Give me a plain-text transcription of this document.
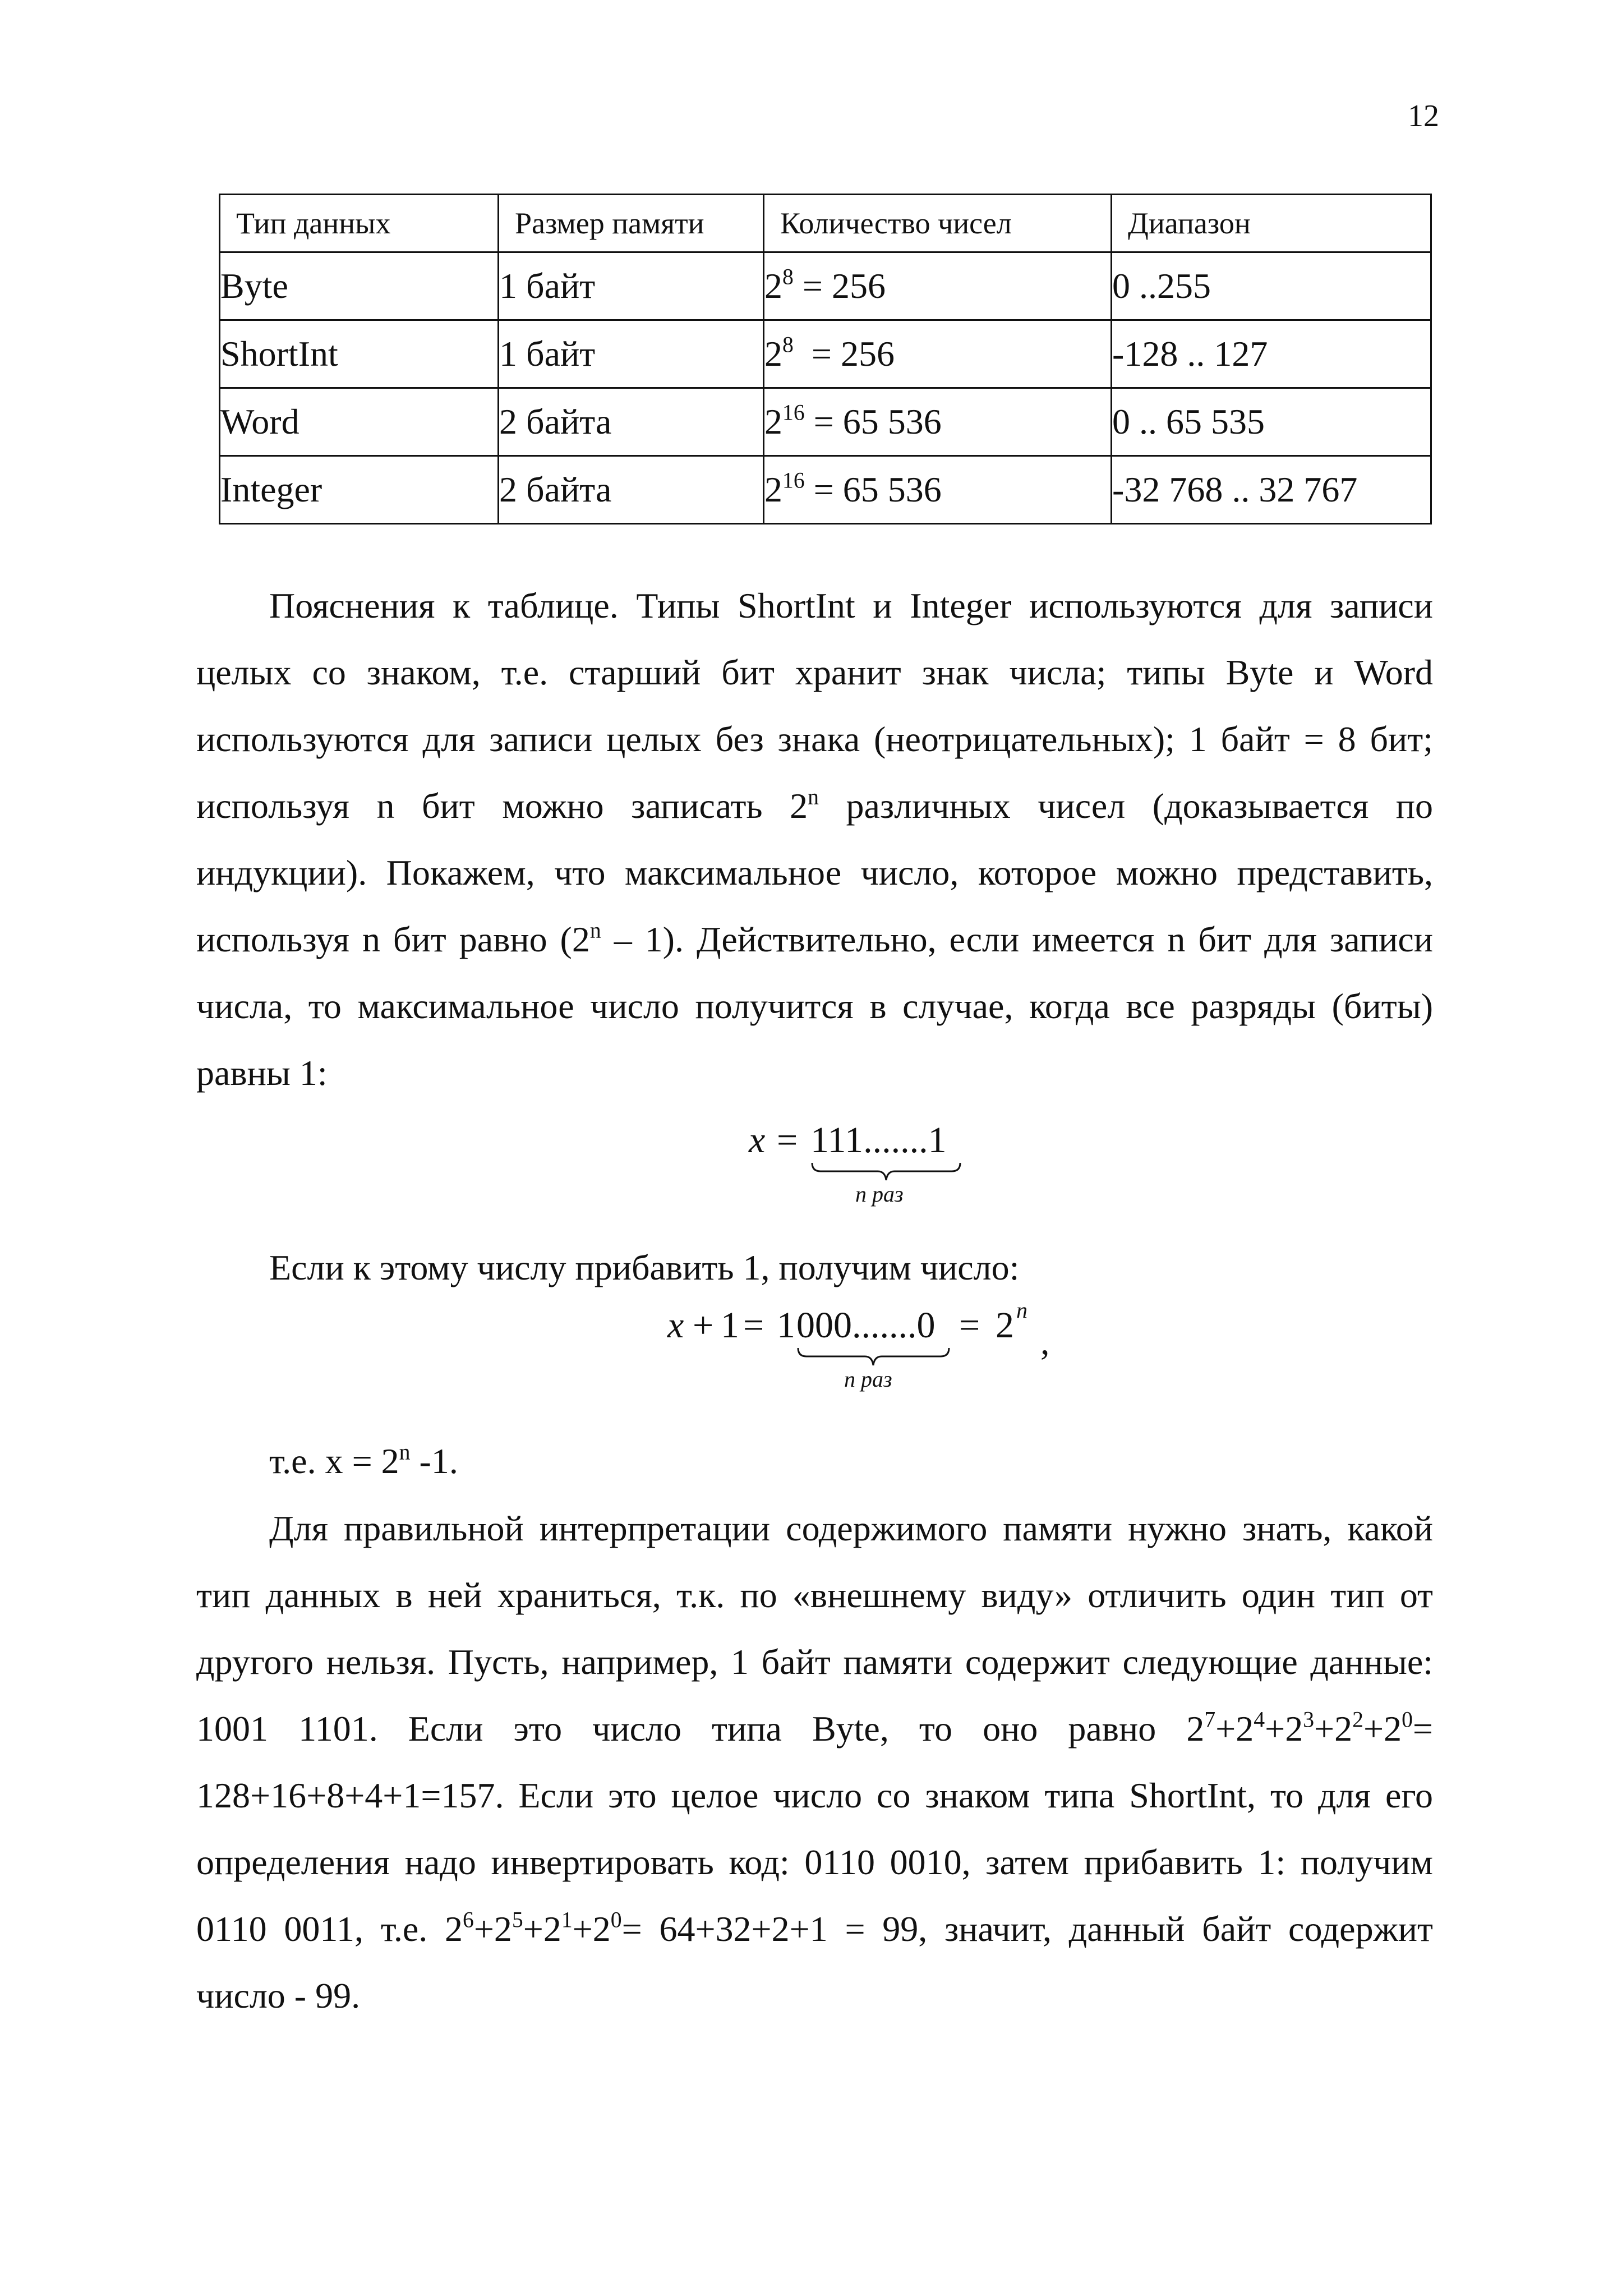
12
Тип данных	Размер памяти	Количество чисел	Диапазон
Byte	1 байт	$2^8 = 256$	0 ..255
ShortInt	1 байт	$2^8 = 256$	-128 .. 127
Word	2 байта	$2^{16} = 65$ 536	0 .. 65 535
Integer	2 байта	$2^{16} = 65$ 536	-32 768 .. 32 767

Пояснения к таблице. Типы ShortInt и Integer используются для записи целых со знаком, т.е. старший бит хранит знак числа; типы Byte и Word используются для записи целых без знака (неотрицательных); 1 байт = 8 бит; используя n бит можно записать 2$^n$ различных чисел (доказывается по индукции). Покажем, что максимальное число, которое можно представить, используя n бит равно (2$^n$ – 1). Действительно, если имеется n бит для записи числа, то максимальное число получится в случае, когда все разряды (биты) равны 1:

x = 111.......1
n раз

Если к этому числу прибавить 1, получим число:

x + 1 = 1 000.......0
n раз
= 2 n
,
т.е. $x = 2^n$ -1.

Для правильной интерпретации содержимого памяти нужно знать, какой тип данных в ней храниться, т.к. по «внешнему виду» отличить один тип от другого нельзя. Пусть, например, 1 байт памяти содержит следующие данные: 1001 1101. Если это число типа Byte, то оно равно $2^7+2^4+2^3+2^2+2^0= 128+16+8+4+1=157$. Если это целое число со знаком типа ShortInt, то для его определения надо инвертировать код: 0110 0010, затем прибавить 1: получим 0110 0011, т.е. $2^6+2^5+2^1+2^0= 64+32+2+1 = 99$, значит, данный байт содержит число - 99.
